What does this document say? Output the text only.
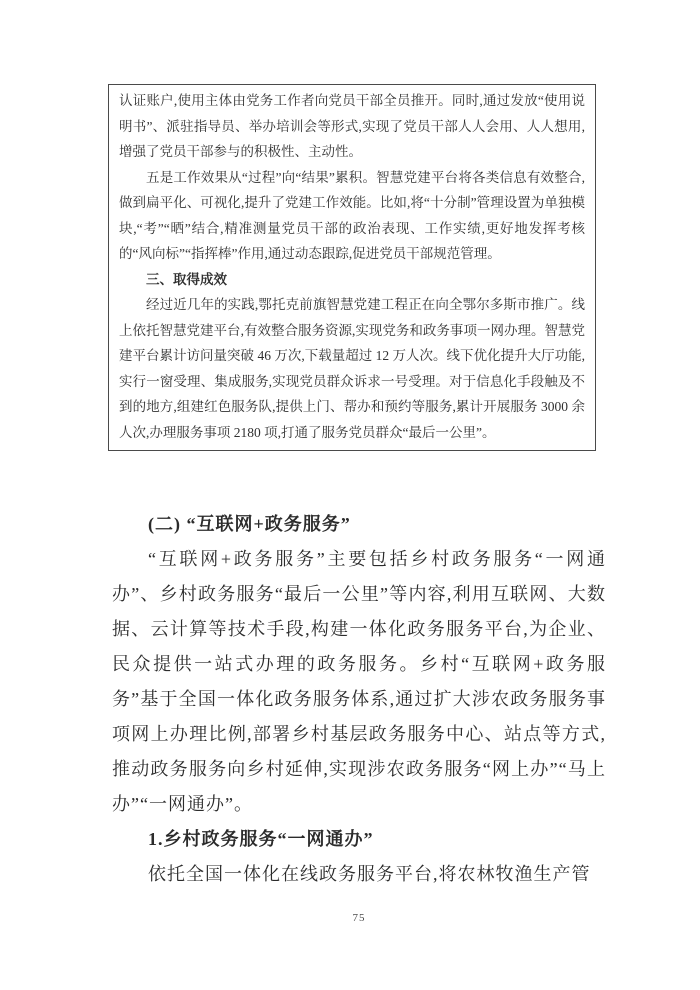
认证账户,使用主体由党务工作者向党员干部全员推开。同时,通过发放“使用说明书”、派驻指导员、举办培训会等形式,实现了党员干部人人会用、人人想用,增强了党员干部参与的积极性、主动性。

五是工作效果从“过程”向“结果”累积。智慧党建平台将各类信息有效整合,做到扁平化、可视化,提升了党建工作效能。比如,将“十分制”管理设置为单独模块,“考”“晒”结合,精准测量党员干部的政治表现、工作实绩,更好地发挥考核的“风向标”“指挥棒”作用,通过动态跟踪,促进党员干部规范管理。

三、取得成效

经过近几年的实践,鄂托克前旗智慧党建工程正在向全鄂尔多斯市推广。线上依托智慧党建平台,有效整合服务资源,实现党务和政务事项一网办理。智慧党建平台累计访问量突破 46 万次,下载量超过 12 万人次。线下优化提升大厅功能,实行一窗受理、集成服务,实现党员群众诉求一号受理。对于信息化手段触及不到的地方,组建红色服务队,提供上门、帮办和预约等服务,累计开展服务 3000 余人次,办理服务事项 2180 项,打通了服务党员群众“最后一公里”。

(二) “互联网+政务服务”

“互联网+政务服务”主要包括乡村政务服务“一网通办”、乡村政务服务“最后一公里”等内容,利用互联网、大数据、云计算等技术手段,构建一体化政务服务平台,为企业、民众提供一站式办理的政务服务。乡村“互联网+政务服务”基于全国一体化政务服务体系,通过扩大涉农政务服务事项网上办理比例,部署乡村基层政务服务中心、站点等方式,推动政务服务向乡村延伸,实现涉农政务服务“网上办”“马上办”“一网通办”。

1.乡村政务服务“一网通办”

依托全国一体化在线政务服务平台,将农林牧渔生产管

75
